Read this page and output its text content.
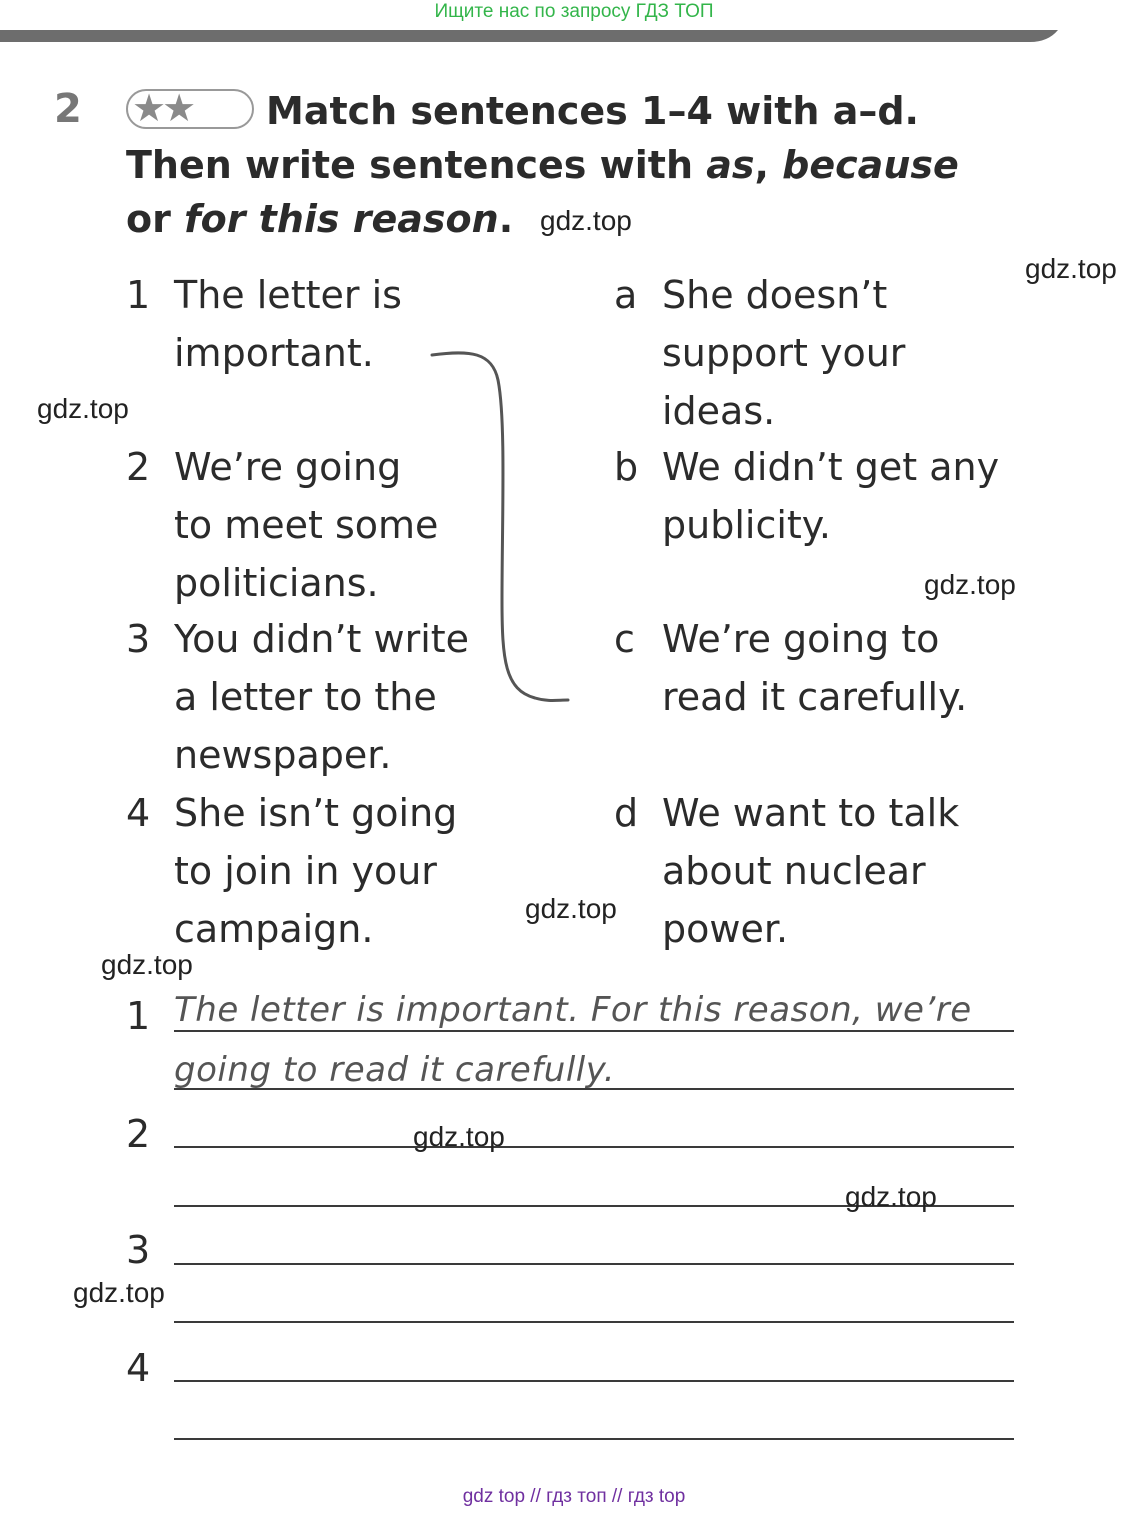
Ищите нас по запросу ГДЗ ТОП
2 ★★	Match sentences 1–4 with a–d. Then write sentences with as, because or for this reason.
1 The letter is
important.
2 We’re going
to meet some
politicians.
3 You didn’t write
a letter to the
newspaper.
4 She isn’t going
to join in your
campaign.
a She doesn’t
support your
ideas.
b We didn’t get any
publicity.
c We’re going to
read it carefully.
d We want to talk
about nuclear
power.
1 The letter is important. For this reason, we’re
going to read it carefully.
2
3
4
gdz.top
gdz.top
gdz.top
gdz.top
gdz.top
gdz.top
gdz.top
gdz.top
gdz.top
gdz top // гдз топ // гдз top
